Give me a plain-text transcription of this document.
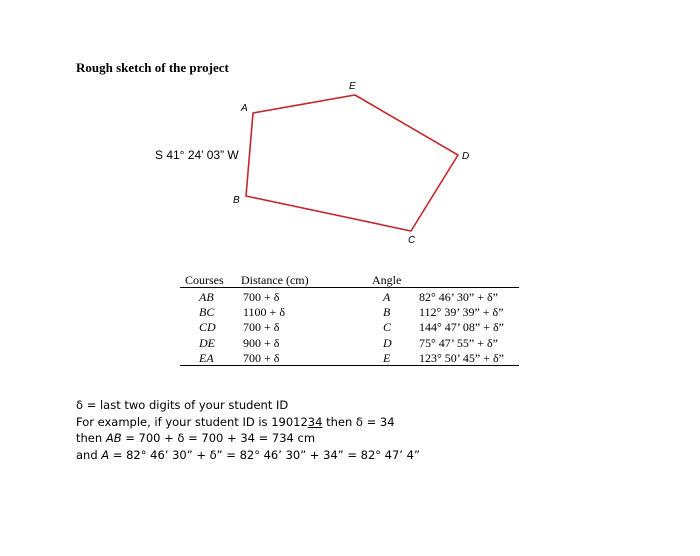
Rough sketch of the project
S 41° 24’ 03” W
A
E
D
C
B
Courses Distance (cm)	Angle
AB
BC
CD
DE
EA
700 + δ
1100 + δ
700 + δ
900 + δ
700 + δ
A
B
C
D
E
82° 46’ 30” + δ”
112° 39’ 39” + δ”
144° 47’ 08” + δ”
75° 47’ 55” + δ”
123° 50’ 45” + δ”
δ = last two digits of your student ID
For example, if your student ID is 1901234 then δ = 34
then AB = 700 + δ = 700 + 34 = 734 cm
and A = 82° 46’ 30” + δ” = 82° 46’ 30” + 34” = 82° 47’ 4”
